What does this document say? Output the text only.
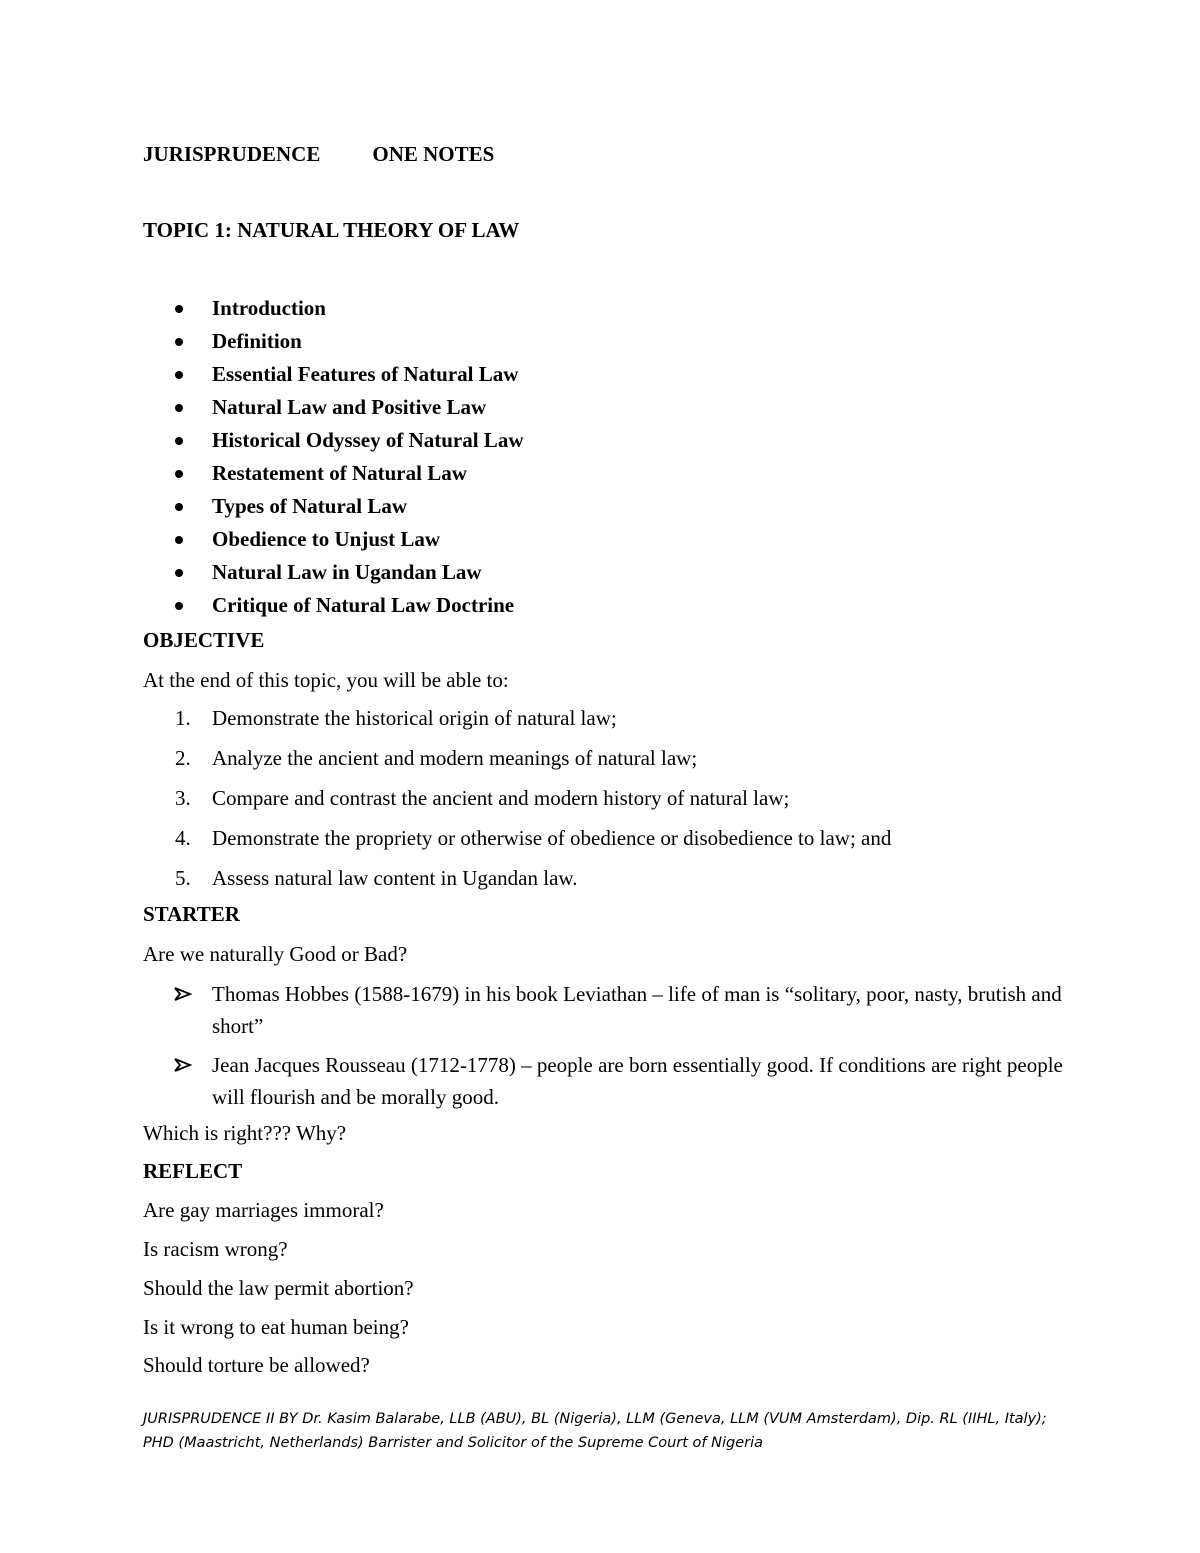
JURISPRUDENCE ONE NOTES
TOPIC 1: NATURAL THEORY OF LAW
Introduction
Definition
Essential Features of Natural Law
Natural Law and Positive Law
Historical Odyssey of Natural Law
Restatement of Natural Law
Types of Natural Law
Obedience to Unjust Law
Natural Law in Ugandan Law
Critique of Natural Law Doctrine
OBJECTIVE
At the end of this topic, you will be able to:
1. Demonstrate the historical origin of natural law;
2. Analyze the ancient and modern meanings of natural law;
3. Compare and contrast the ancient and modern history of natural law;
4. Demonstrate the propriety or otherwise of obedience or disobedience to law; and
5. Assess natural law content in Ugandan law.
STARTER
Are we naturally Good or Bad?
Thomas Hobbes (1588-1679) in his book Leviathan – life of man is “solitary, poor, nasty, brutish and short”
Jean Jacques Rousseau (1712-1778) – people are born essentially good. If conditions are right people will flourish and be morally good.
Which is right??? Why?
REFLECT
Are gay marriages immoral?
Is racism wrong?
Should the law permit abortion?
Is it wrong to eat human being?
Should torture be allowed?
JURISPRUDENCE II BY Dr. Kasim Balarabe, LLB (ABU), BL (Nigeria), LLM (Geneva, LLM (VUM Amsterdam), Dip. RL (IIHL, Italy); PHD (Maastricht, Netherlands) Barrister and Solicitor of the Supreme Court of Nigeria
